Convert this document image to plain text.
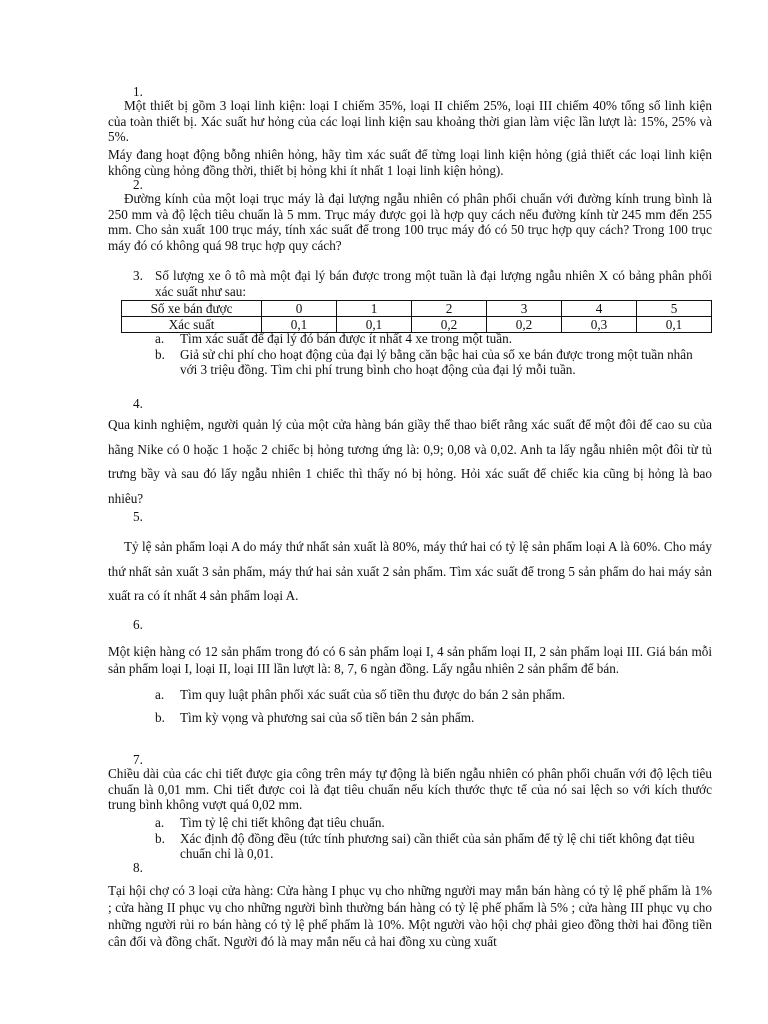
1.

Một thiết bị gồm 3 loại linh kiện: loại I chiếm 35%, loại II chiếm 25%, loại III chiếm 40% tổng số linh kiện của toàn thiết bị. Xác suất hư hỏng của các loại linh kiện sau khoảng thời gian làm việc lần lượt là: 15%, 25% và 5%.

Máy đang hoạt động bỗng nhiên hỏng, hãy tìm xác suất để từng loại linh kiện hỏng (giả thiết các loại linh kiện không cùng hỏng đồng thời, thiết bị hỏng khi ít nhất 1 loại linh kiện hỏng).

2.

Đường kính của một loại trục máy là đại lượng ngẫu nhiên có phân phối chuẩn với đường kính trung bình là 250 mm và độ lệch tiêu chuẩn là 5 mm. Trục máy được gọi là hợp quy cách nếu đường kính từ 245 mm đến 255 mm. Cho sản xuất 100 trục máy, tính xác suất để trong 100 trục máy đó có 50 trục hợp quy cách? Trong 100 trục máy đó có không quá 98 trục hợp quy cách?

3. Số lượng xe ô tô mà một đại lý bán được trong một tuần là đại lượng ngẫu nhiên X có bảng phân phối xác suất như sau:

Số xe bán được	0	1	2	3	4	5
Xác suất	0,1	0,1	0,2	0,2	0,3	0,1
a. Tìm xác suất để đại lý đó bán được ít nhất 4 xe trong một tuần.
b. Giả sử chi phí cho hoạt động của đại lý bằng căn bậc hai của số xe bán được trong một tuần nhân với 3 triệu đồng. Tìm chi phí trung bình cho hoạt động của đại lý mỗi tuần.
4.

Qua kinh nghiệm, người quản lý của một cửa hàng bán giầy thể thao biết rằng xác suất để một đôi đế cao su của hãng Nike có 0 hoặc 1 hoặc 2 chiếc bị hỏng tương ứng là: 0,9; 0,08 và 0,02. Anh ta lấy ngẫu nhiên một đôi từ tủ trưng bầy và sau đó lấy ngẫu nhiên 1 chiếc thì thấy nó bị hỏng. Hỏi xác suất để chiếc kia cũng bị hỏng là bao nhiêu?

5.

Tỷ lệ sản phẩm loại A do máy thứ nhất sản xuất là 80%, máy thứ hai có tỷ lệ sản phẩm loại A là 60%. Cho máy thứ nhất sản xuất 3 sản phẩm, máy thứ hai sản xuất 2 sản phẩm. Tìm xác suất để trong 5 sản phẩm do hai máy sản xuất ra có ít nhất 4 sản phẩm loại A.

6.

Một kiện hàng có 12 sản phẩm trong đó có 6 sản phẩm loại I, 4 sản phẩm loại II, 2 sản phẩm loại III. Giá bán mỗi sản phẩm loại I, loại II, loại III lần lượt là: 8, 7, 6 ngàn đồng. Lấy ngẫu nhiên 2 sản phẩm để bán.

a. Tìm quy luật phân phối xác suất của số tiền thu được do bán 2 sản phẩm.
b. Tìm kỳ vọng và phương sai của số tiền bán 2 sản phẩm.
7.

Chiều dài của các chi tiết được gia công trên máy tự động là biến ngẫu nhiên có phân phối chuẩn với độ lệch tiêu chuẩn là 0,01 mm. Chi tiết được coi là đạt tiêu chuẩn nếu kích thước thực tế của nó sai lệch so với kích thước trung bình không vượt quá 0,02 mm.

a. Tìm tỷ lệ chi tiết không đạt tiêu chuẩn.
b. Xác định độ đồng đều (tức tính phương sai) cần thiết của sản phẩm để tỷ lệ chi tiết không đạt tiêu chuẩn chỉ là 0,01.
8.

Tại hội chợ có 3 loại cửa hàng: Cửa hàng I phục vụ cho những người may mắn bán hàng có tỷ lệ phế phẩm là 1% ; cửa hàng II phục vụ cho những người bình thường bán hàng có tỷ lệ phế phẩm là 5% ; cửa hàng III phục vụ cho những người rủi ro bán hàng có tỷ lệ phế phẩm là 10%. Một người vào hội chợ phải gieo đồng thời hai đồng tiền cân đối và đồng chất. Người đó là may mắn nếu cả hai đồng xu cùng xuất
